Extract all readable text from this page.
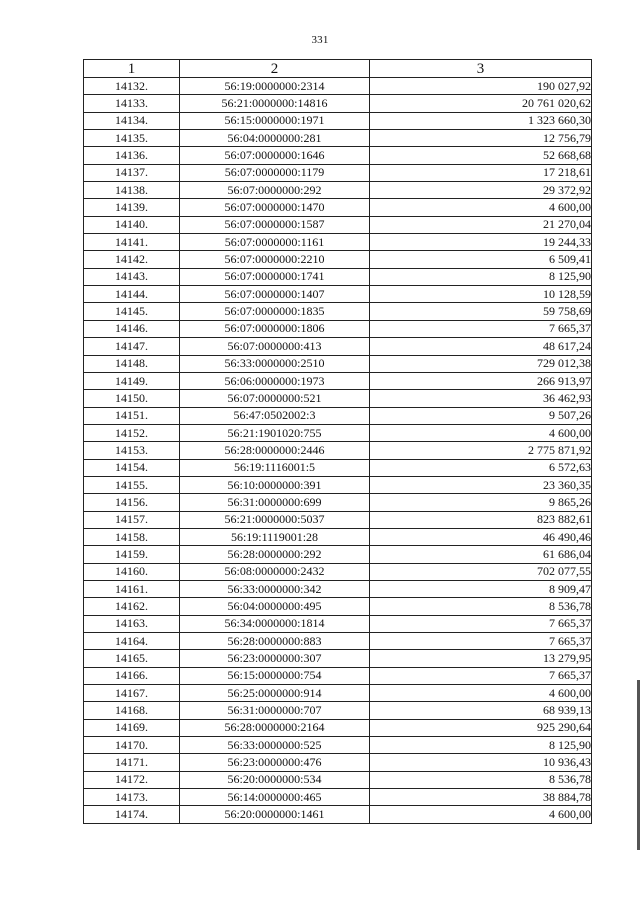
331
1	2	3
14132.	56:19:0000000:2314	190 027,92
14133.	56:21:0000000:14816	20 761 020,62
14134.	56:15:0000000:1971	1 323 660,30
14135.	56:04:0000000:281	12 756,79
14136.	56:07:0000000:1646	52 668,68
14137.	56:07:0000000:1179	17 218,61
14138.	56:07:0000000:292	29 372,92
14139.	56:07:0000000:1470	4 600,00
14140.	56:07:0000000:1587	21 270,04
14141.	56:07:0000000:1161	19 244,33
14142.	56:07:0000000:2210	6 509,41
14143.	56:07:0000000:1741	8 125,90
14144.	56:07:0000000:1407	10 128,59
14145.	56:07:0000000:1835	59 758,69
14146.	56:07:0000000:1806	7 665,37
14147.	56:07:0000000:413	48 617,24
14148.	56:33:0000000:2510	729 012,38
14149.	56:06:0000000:1973	266 913,97
14150.	56:07:0000000:521	36 462,93
14151.	56:47:0502002:3	9 507,26
14152.	56:21:1901020:755	4 600,00
14153.	56:28:0000000:2446	2 775 871,92
14154.	56:19:1116001:5	6 572,63
14155.	56:10:0000000:391	23 360,35
14156.	56:31:0000000:699	9 865,26
14157.	56:21:0000000:5037	823 882,61
14158.	56:19:1119001:28	46 490,46
14159.	56:28:0000000:292	61 686,04
14160.	56:08:0000000:2432	702 077,55
14161.	56:33:0000000:342	8 909,47
14162.	56:04:0000000:495	8 536,78
14163.	56:34:0000000:1814	7 665,37
14164.	56:28:0000000:883	7 665,37
14165.	56:23:0000000:307	13 279,95
14166.	56:15:0000000:754	7 665,37
14167.	56:25:0000000:914	4 600,00
14168.	56:31:0000000:707	68 939,13
14169.	56:28:0000000:2164	925 290,64
14170.	56:33:0000000:525	8 125,90
14171.	56:23:0000000:476	10 936,43
14172.	56:20:0000000:534	8 536,78
14173.	56:14:0000000:465	38 884,78
14174.	56:20:0000000:1461	4 600,00
